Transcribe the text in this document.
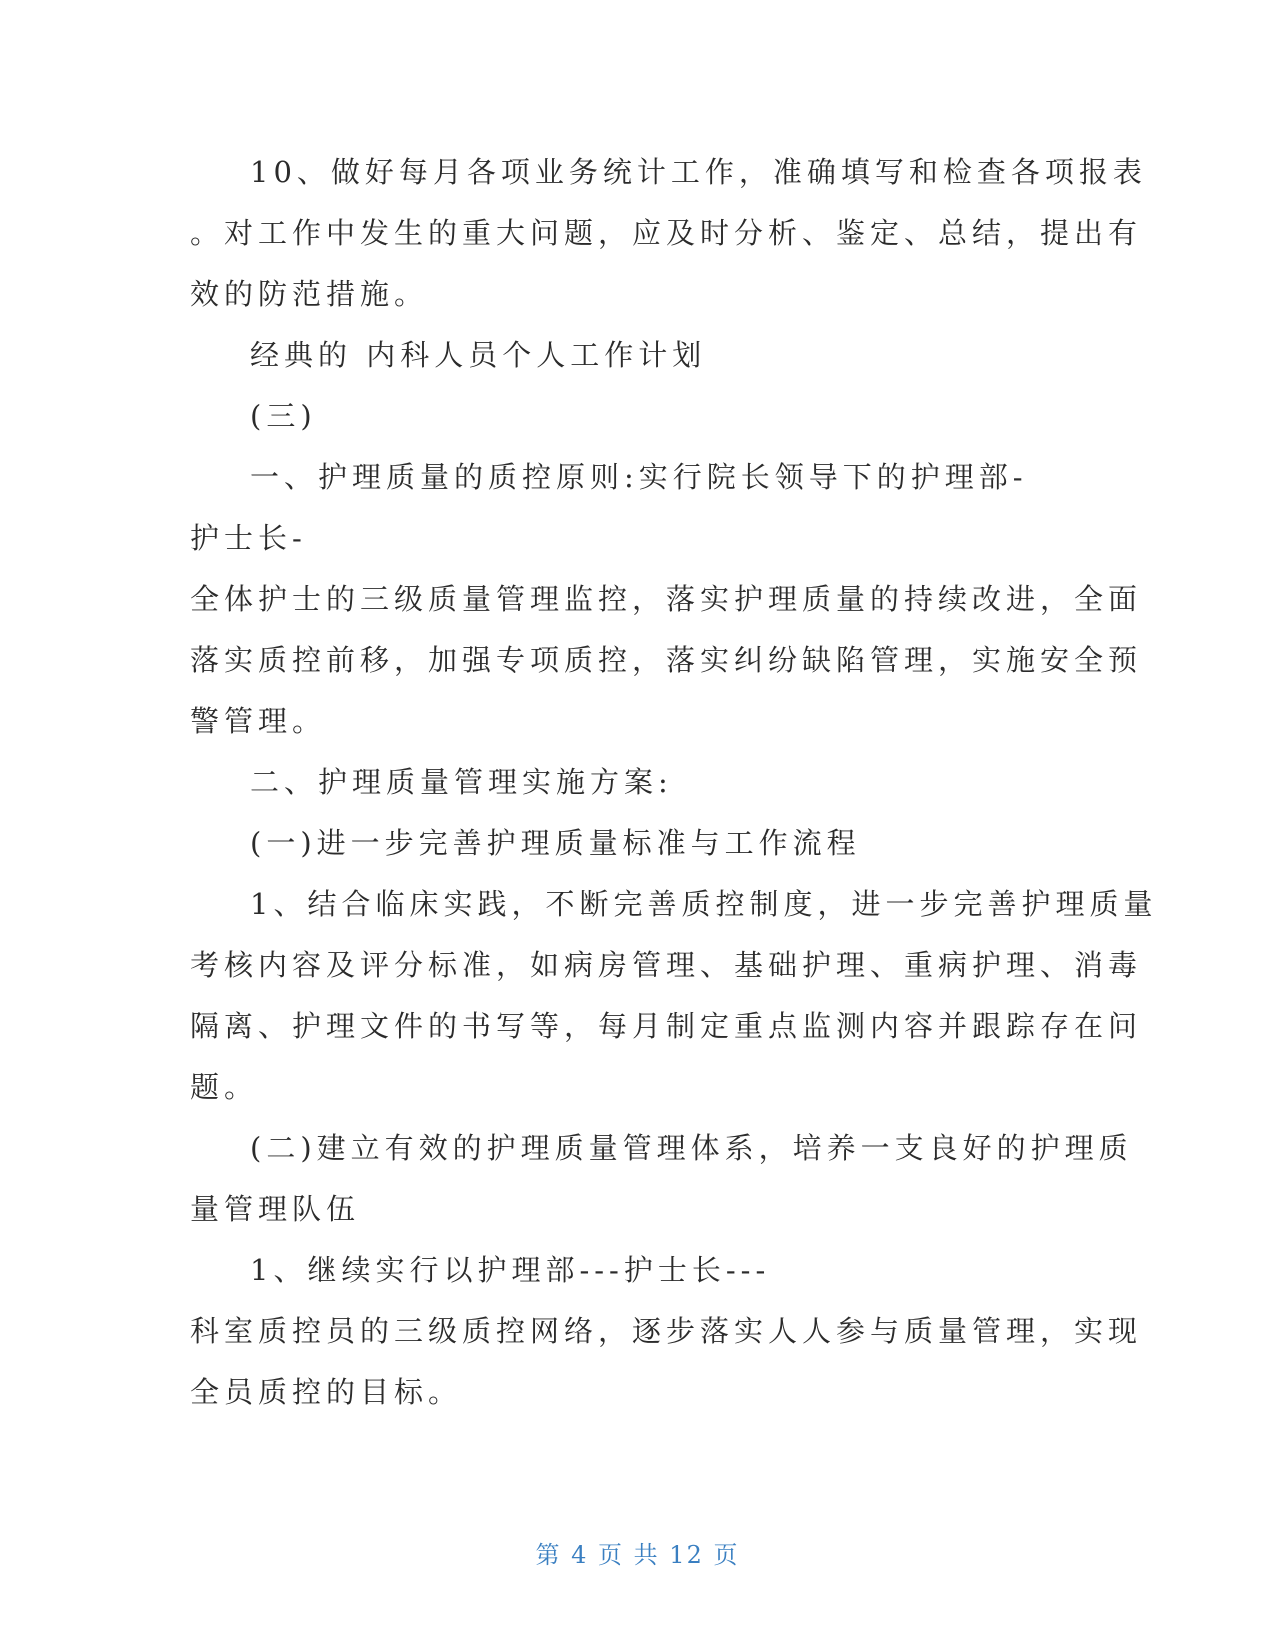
10、做好每月各项业务统计工作，准确填写和检查各项报表
。对工作中发生的重大问题，应及时分析、鉴定、总结，提出有
效的防范措施。
经典的 内科人员个人工作计划
(三)
一、护理质量的质控原则:实行院长领导下的护理部-
护士长-
全体护士的三级质量管理监控，落实护理质量的持续改进，全面
落实质控前移，加强专项质控，落实纠纷缺陷管理，实施安全预
警管理。
二、护理质量管理实施方案:
(一)进一步完善护理质量标准与工作流程
1、结合临床实践，不断完善质控制度，进一步完善护理质量
考核内容及评分标准，如病房管理、基础护理、重病护理、消毒
隔离、护理文件的书写等，每月制定重点监测内容并跟踪存在问
题。
(二)建立有效的护理质量管理体系，培养一支良好的护理质
量管理队伍
1、继续实行以护理部---护士长---
科室质控员的三级质控网络，逐步落实人人参与质量管理，实现
全员质控的目标。
第 4 页 共 12 页
